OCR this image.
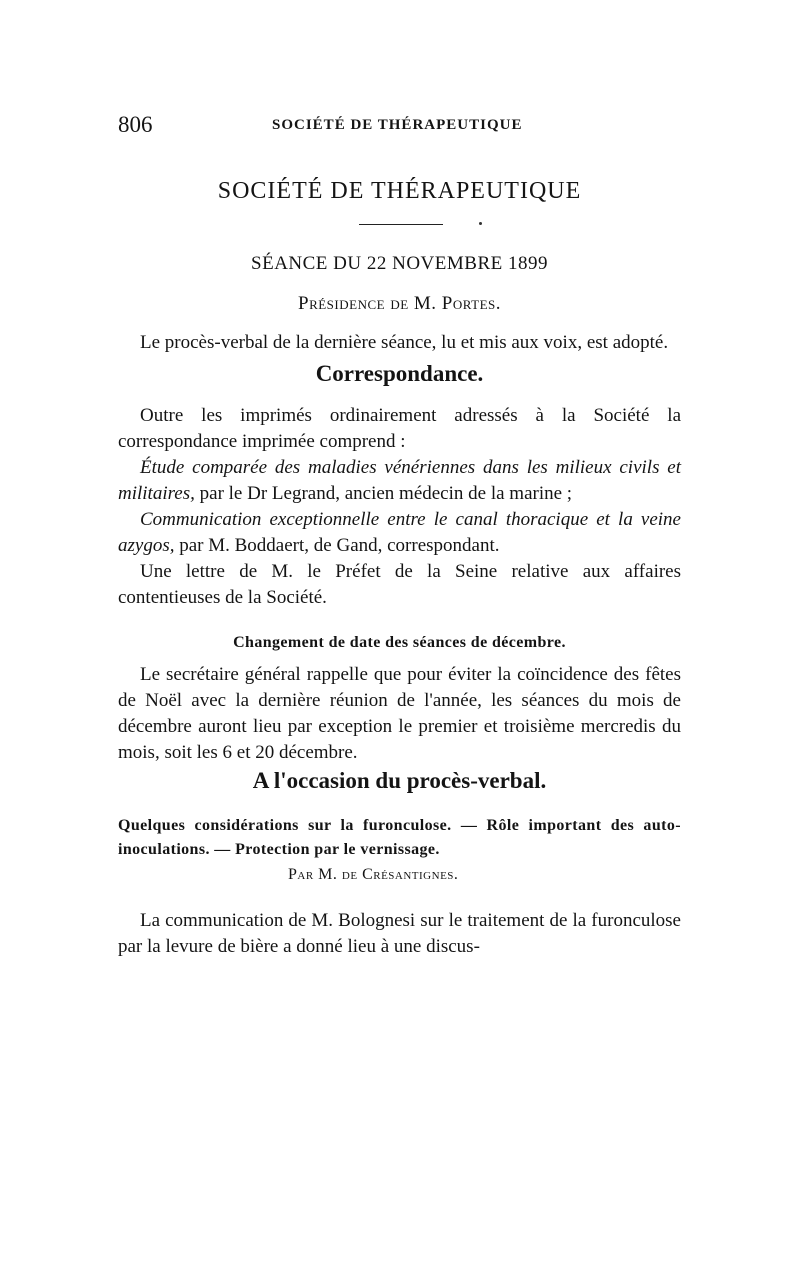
806	SOCIÉTÉ DE THÉRAPEUTIQUE
SOCIÉTÉ DE THÉRAPEUTIQUE
SÉANCE DU 22 NOVEMBRE 1899
Présidence de M. Portes.

Le procès-verbal de la dernière séance, lu et mis aux voix, est adopté.

Correspondance.

Outre les imprimés ordinairement adressés à la Société la correspondance imprimée comprend :

Étude comparée des maladies vénériennes dans les milieux civils et militaires, par le Dr Legrand, ancien médecin de la marine ;

Communication exceptionnelle entre le canal thoracique et la veine azygos, par M. Boddaert, de Gand, correspondant.

Une lettre de M. le Préfet de la Seine relative aux affaires contentieuses de la Société.

Changement de date des séances de décembre.

Le secrétaire général rappelle que pour éviter la coïncidence des fêtes de Noël avec la dernière réunion de l'année, les séances du mois de décembre auront lieu par exception le premier et troisième mercredis du mois, soit les 6 et 20 décembre.

A l'occasion du procès-verbal.

Quelques considérations sur la furonculose. — Rôle important des auto-inoculations. — Protection par le vernissage.

Par M. de Crésantignes.

La communication de M. Bolognesi sur le traitement de la furonculose par la levure de bière a donné lieu à une discus-
